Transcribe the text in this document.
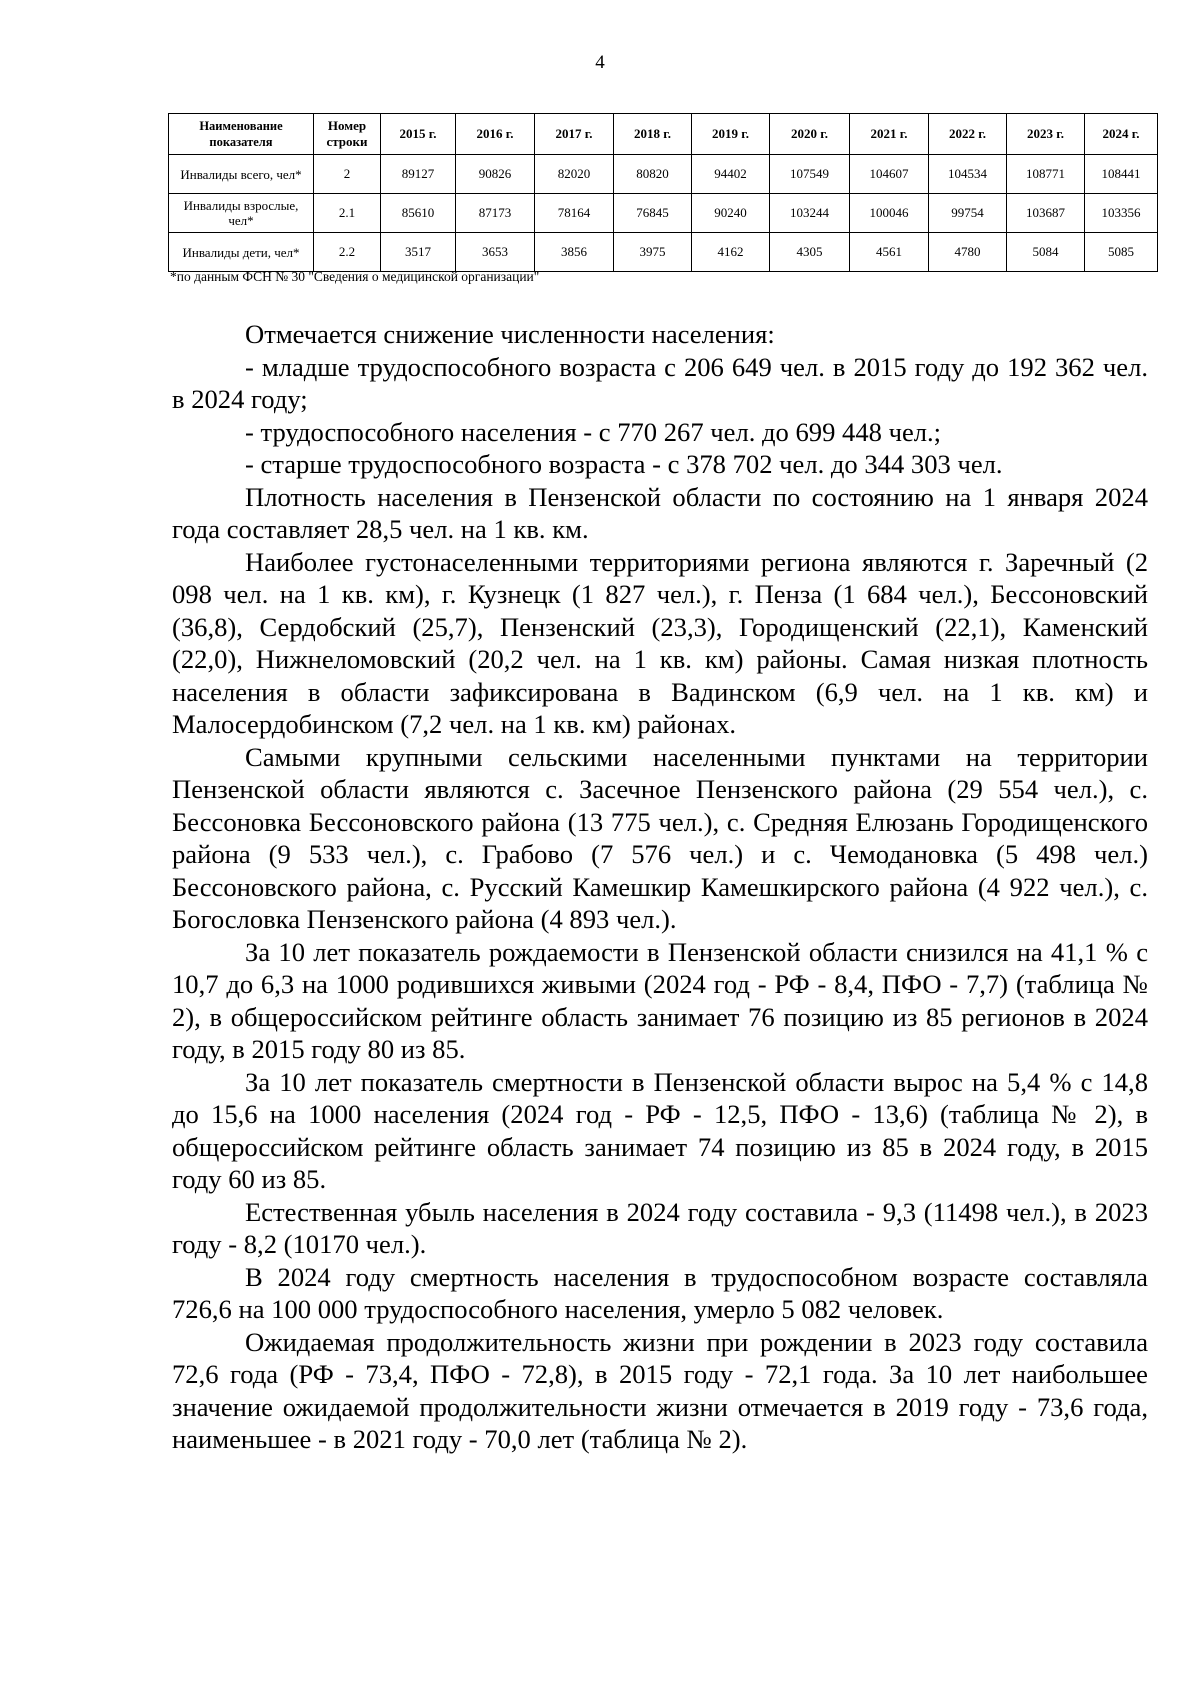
4
Наименование показателя	Номер строки	2015 г.	2016 г.	2017 г.	2018 г.	2019 г.	2020 г.	2021 г.	2022 г.	2023 г.	2024 г.
Инвалиды всего, чел*	2	89127	90826	82020	80820	94402	107549	104607	104534	108771	108441
Инвалиды взрослые, чел*	2.1	85610	87173	78164	76845	90240	103244	100046	99754	103687	103356
Инвалиды дети, чел*	2.2	3517	3653	3856	3975	4162	4305	4561	4780	5084	5085
*по данным ФСН № 30 "Сведения о медицинской организации"

Отмечается снижение численности населения:

- младше трудоспособного возраста с 206 649 чел. в 2015 году до 192 362 чел. в 2024 году;

- трудоспособного населения - с 770 267 чел. до 699 448 чел.;

- старше трудоспособного возраста - с 378 702 чел. до 344 303 чел.

Плотность населения в Пензенской области по состоянию на 1 января 2024 года составляет 28,5 чел. на 1 кв. км.

Наиболее густонаселенными территориями региона являются г. Заречный (2 098 чел. на 1 кв. км), г. Кузнецк (1 827 чел.), г. Пенза (1 684 чел.), Бессоновский (36,8), Сердобский (25,7), Пензенский (23,3), Городищенский (22,1), Каменский (22,0), Нижнеломовский (20,2 чел. на 1 кв. км) районы. Самая низкая плотность населения в области зафиксирована в Вадинском (6,9 чел. на 1 кв. км) и Малосердобинском (7,2 чел. на 1 кв. км) районах.

Самыми крупными сельскими населенными пунктами на территории Пензенской области являются с. Засечное Пензенского района (29 554 чел.), с. Бессоновка Бессоновского района (13 775 чел.), с. Средняя Елюзань Городищенского района (9 533 чел.), с. Грабово (7 576 чел.) и с. Чемодановка (5 498 чел.) Бессоновского района, с. Русский Камешкир Камешкирского района (4 922 чел.), с. Богословка Пензенского района (4 893 чел.).

За 10 лет показатель рождаемости в Пензенской области снизился на 41,1 % с 10,7 до 6,3 на 1000 родившихся живыми (2024 год - РФ - 8,4, ПФО - 7,7) (таблица № 2), в общероссийском рейтинге область занимает 76 позицию из 85 регионов в 2024 году, в 2015 году 80 из 85.

За 10 лет показатель смертности в Пензенской области вырос на 5,4 % с 14,8 до 15,6 на 1000 населения (2024 год - РФ - 12,5, ПФО - 13,6) (таблица № 2), в общероссийском рейтинге область занимает 74 позицию из 85 в 2024 году, в 2015 году 60 из 85.

Естественная убыль населения в 2024 году составила - 9,3 (11498 чел.), в 2023 году - 8,2 (10170 чел.).

В 2024 году смертность населения в трудоспособном возрасте составляла 726,6 на 100 000 трудоспособного населения, умерло 5 082 человек.

Ожидаемая продолжительность жизни при рождении в 2023 году составила 72,6 года (РФ - 73,4, ПФО - 72,8), в 2015 году - 72,1 года. За 10 лет наибольшее значение ожидаемой продолжительности жизни отмечается в 2019 году - 73,6 года, наименьшее - в 2021 году - 70,0 лет (таблица № 2).
